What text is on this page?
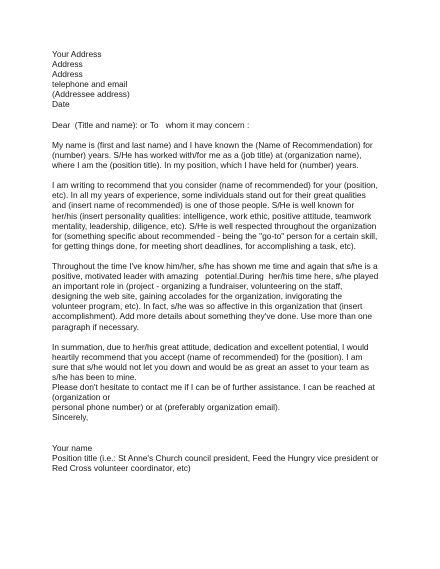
Your Address
Address
Address
telephone and email
(Addressee address)
Date
Dear  (Title and name): or To   whom it may concern :
My name is (first and last name) and I have known the (Name of Recommendation) for
(number) years. S/He has worked with/for me as a (job title) at (organization name),
where I am the (position title). In my position, which I have held for (number) years.
I am writing to recommend that you consider (name of recommended) for your (position,
etc). In all my years of experience, some individuals stand out for their great qualities
and (insert name of recommended) is one of those people. S/He is well known for
her/his (insert personality qualities: intelligence, work ethic, positive attitude, teamwork
mentality, leadership, diligence, etc). S/He is well respected throughout the organization
for (something specific about recommended - being the "go-to" person for a certain skill,
for getting things done, for meeting short deadlines, for accomplishing a task, etc).
Throughout the time I've know him/her, s/he has shown me time and again that s/he is a
positive, motivated leader with amazing   potential.During  her/his time here, s/he played
an important role in (project - organizing a fundraiser, volunteering on the staff,
designing the web site, gaining accolades for the organization, invigorating the
volunteer program, etc). In fact, s/he was so affective in this organization that (insert
accomplishment). Add more details about something they've done. Use more than one
paragraph if necessary.
In summation, due to her/his great attitude, dedication and excellent potential, I would
heartily recommend that you accept (name of recommended) for the (position). I am
sure that s/he would not let you down and would be as great an asset to your team as
s/he has been to mine.
Please don't hesitate to contact me if I can be of further assistance. I can be reached at
(organization or
personal phone number) or at (preferably organization email).
Sincerely,
Your name
Position title (i.e.: St Anne's Church council president, Feed the Hungry vice president or
Red Cross volunteer coordinator, etc)
